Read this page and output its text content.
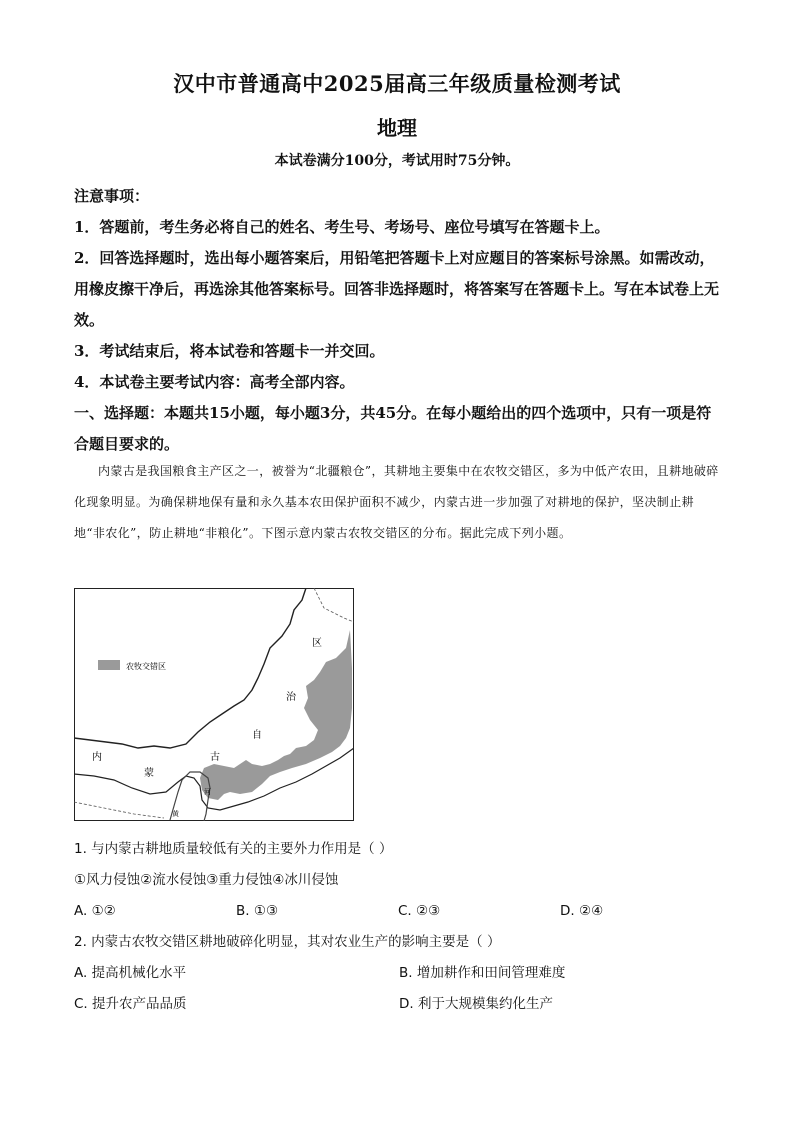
汉中市普通高中2025届高三年级质量检测考试
地理
本试卷满分100分，考试用时75分钟。

注意事项：

1．答题前，考生务必将自己的姓名、考生号、考场号、座位号填写在答题卡上。

2．回答选择题时，选出每小题答案后，用铅笔把答题卡上对应题目的答案标号涂黑。如需改动，用橡皮擦干净后，再选涂其他答案标号。回答非选择题时，将答案写在答题卡上。写在本试卷上无效。

3．考试结束后，将本试卷和答题卡一并交回。

4．本试卷主要考试内容：高考全部内容。

一、选择题：本题共15小题，每小题3分，共45分。在每小题给出的四个选项中，只有一项是符合题目要求的。

内蒙古是我国粮食主产区之一，被誉为“北疆粮仓”，其耕地主要集中在农牧交错区，多为中低产农田，且耕地破碎化现象明显。为确保耕地保有量和永久基本农田保护面积不减少，内蒙古进一步加强了对耕地的保护，坚决制止耕地“非农化”，防止耕地“非粮化”。下图示意内蒙古农牧交错区的分布。据此完成下列小题。
农牧交错区
区
治
自
古
蒙
内
黄
河
1. 与内蒙古耕地质量较低有关的主要外力作用是（ ）
①风力侵蚀②流水侵蚀③重力侵蚀④冰川侵蚀
A. ①②	B. ①③	C. ②③	D. ②④
2. 内蒙古农牧交错区耕地破碎化明显，其对农业生产的影响主要是（ ）
A. 提高机械化水平	B. 增加耕作和田间管理难度
C. 提升农产品品质	D. 利于大规模集约化生产
